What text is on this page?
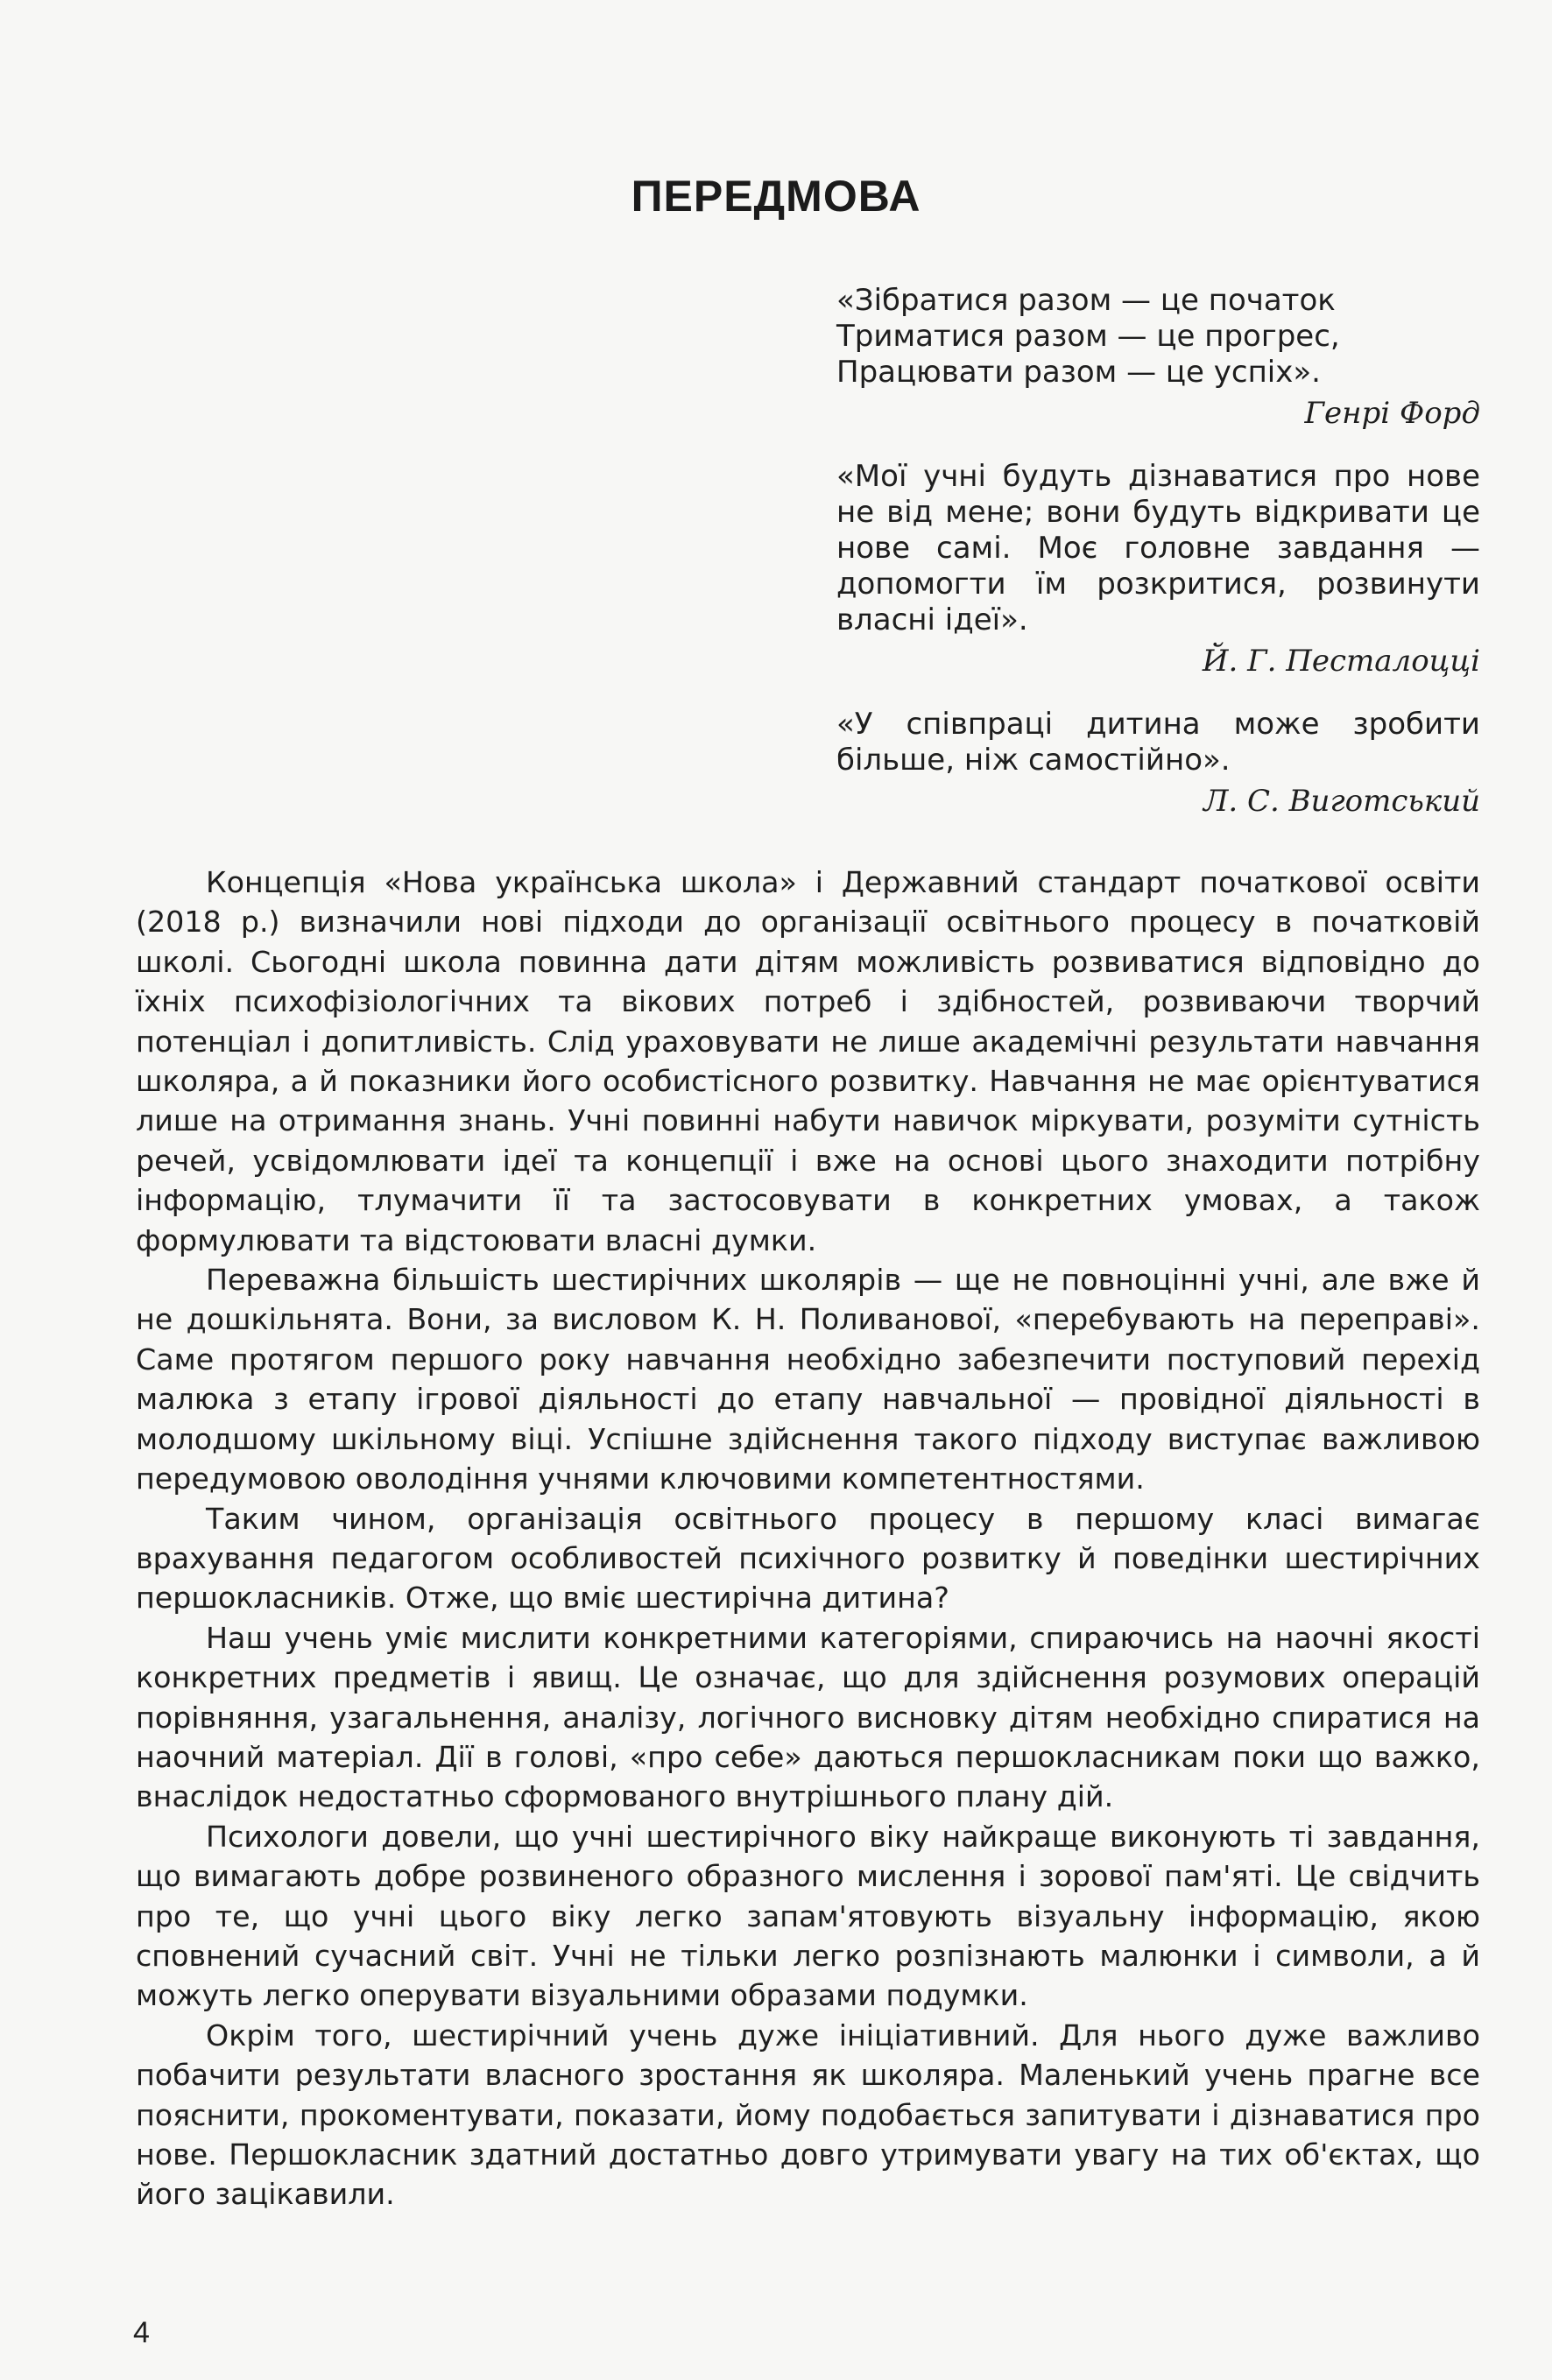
ПЕРЕДМОВА

«Зібратися разом — це початок
Триматися разом — це прогрес,
Працювати разом — це успіх».

Генрі Форд

«Мої учні будуть дізнаватися про нове не від мене; вони будуть відкривати це нове самі. Моє головне завдання — допомогти їм розкритися, розвинути власні ідеї».

Й. Г. Песталоцці

«У співпраці дитина може зробити більше, ніж самостійно».

Л. С. Виготський

Концепція «Нова українська школа» і Державний стандарт початкової освіти (2018 р.) визначили нові підходи до організації освітнього процесу в початковій школі. Сьогодні школа повинна дати дітям можливість розвиватися відповідно до їхніх психофізіологічних та вікових потреб і здібностей, розвиваючи творчий потенціал і допитливість. Слід ураховувати не лише академічні результати навчання школяра, а й показники його особистісного розвитку. Навчання не має орієнтуватися лише на отримання знань. Учні повинні набути навичок міркувати, розуміти сутність речей, усвідомлювати ідеї та концепції і вже на основі цього знаходити потрібну інформацію, тлумачити її та застосовувати в конкретних умовах, а також формулювати та відстоювати власні думки.

Переважна більшість шестирічних школярів — ще не повноцінні учні, але вже й не дошкільнята. Вони, за висловом К. Н. Поливанової, «перебувають на переправі». Саме протягом першого року навчання необхідно забезпечити поступовий перехід малюка з етапу ігрової діяльності до етапу навчальної — провідної діяльності в молодшому шкільному віці. Успішне здійснення такого підходу виступає важливою передумовою оволодіння учнями ключовими компетентностями.

Таким чином, організація освітнього процесу в першому класі вимагає врахування педагогом особливостей психічного розвитку й поведінки шестирічних першокласників. Отже, що вміє шестирічна дитина?

Наш учень уміє мислити конкретними категоріями, спираючись на наочні якості конкретних предметів і явищ. Це означає, що для здійснення розумових операцій порівняння, узагальнення, аналізу, логічного висновку дітям необхідно спиратися на наочний матеріал. Дії в голові, «про себе» даються першокласникам поки що важко, внаслідок недостатньо сформованого внутрішнього плану дій.

Психологи довели, що учні шестирічного віку найкраще виконують ті завдання, що вимагають добре розвиненого образного мислення і зорової пам'яті. Це свідчить про те, що учні цього віку легко запам'ятовують візуальну інформацію, якою сповнений сучасний світ. Учні не тільки легко розпізнають малюнки і символи, а й можуть легко оперувати візуальними образами подумки.

Окрім того, шестирічний учень дуже ініціативний. Для нього дуже важливо побачити результати власного зростання як школяра. Маленький учень прагне все пояснити, прокоментувати, показати, йому подобається запитувати і дізнаватися про нове. Першокласник здатний достатньо довго утримувати увагу на тих об'єктах, що його зацікавили.

4
